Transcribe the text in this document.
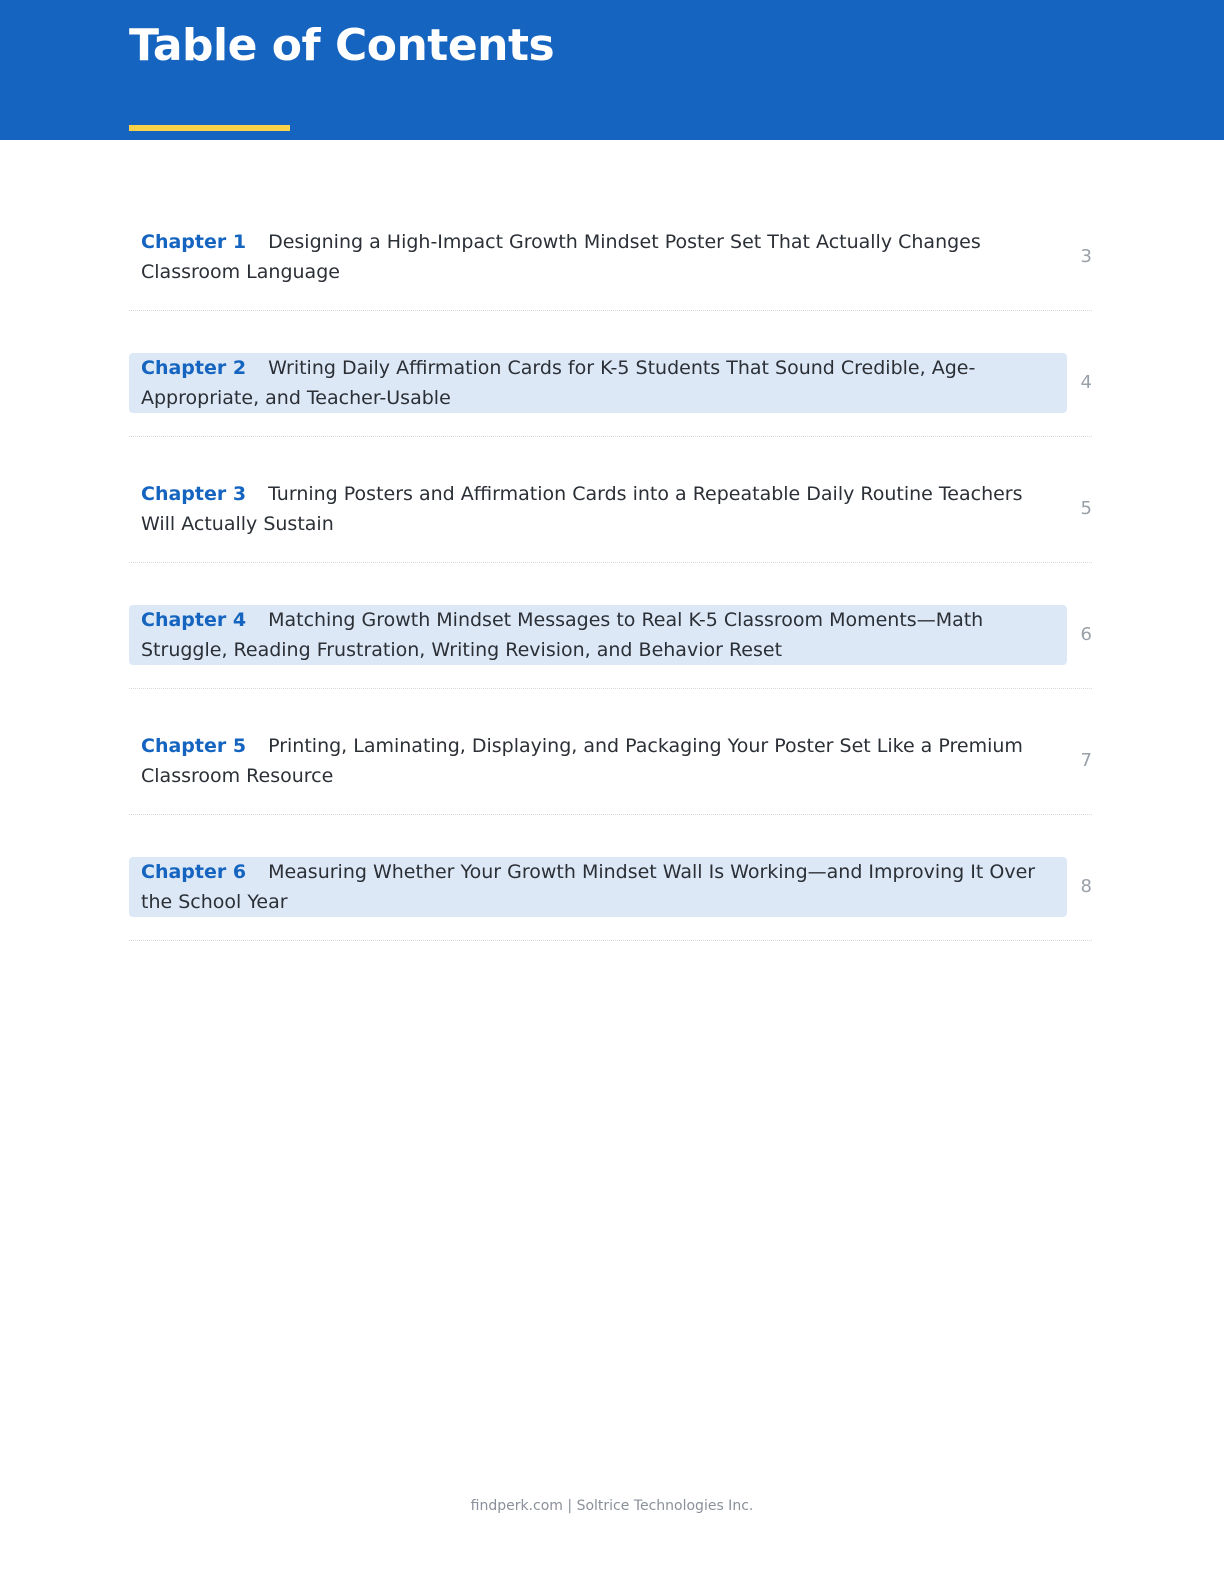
Table of Contents

Chapter 1 Designing a High-Impact Growth Mindset Poster Set That Actually Changes Classroom Language

3

Chapter 2 Writing Daily Affirmation Cards for K-5 Students That Sound Credible, Age-Appropriate, and Teacher-Usable

4

Chapter 3 Turning Posters and Affirmation Cards into a Repeatable Daily Routine Teachers Will Actually Sustain

5

Chapter 4 Matching Growth Mindset Messages to Real K-5 Classroom Moments—Math Struggle, Reading Frustration, Writing Revision, and Behavior Reset

6

Chapter 5 Printing, Laminating, Displaying, and Packaging Your Poster Set Like a Premium Classroom Resource

7

Chapter 6 Measuring Whether Your Growth Mindset Wall Is Working—and Improving It Over the School Year

8
findperk.com | Soltrice Technologies Inc.
